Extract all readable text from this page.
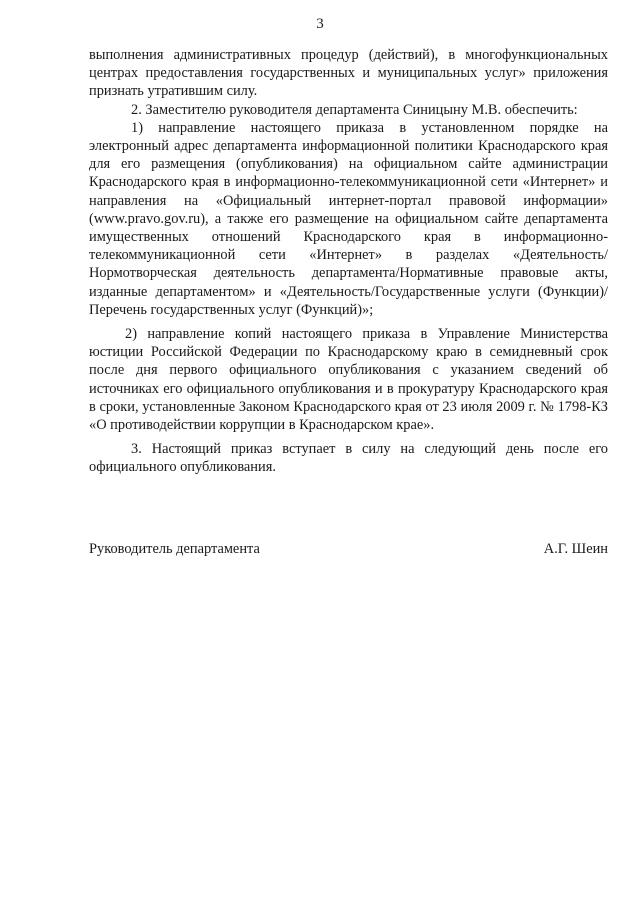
3

выполнения административных процедур (действий), в многофункциональных центрах предоставления государственных и муниципальных услуг» приложения признать утратившим силу.

2. Заместителю руководителя департамента Синицыну М.В. обеспечить:

1) направление настоящего приказа в установленном порядке на электронный адрес департамента информационной политики Краснодарского края для его размещения (опубликования) на официальном сайте администрации Краснодарского края в информационно-телекоммуникационной сети «Интернет» и направления на «Официальный интернет-портал правовой информации» (www.pravo.gov.ru), а также его размещение на официальном сайте департамента имущественных отношений Краснодарского края в информационно-телекоммуникационной сети «Интернет» в разделах «Деятельность/Нормотворческая деятельность департамента/Нормативные правовые акты, изданные департаментом» и «Деятельность/Государственные услуги (Функции)/Перечень государственных услуг (Функций)»;

2) направление копий настоящего приказа в Управление Министерства юстиции Российской Федерации по Краснодарскому краю в семидневный срок после дня первого официального опубликования с указанием сведений об источниках его официального опубликования и в прокуратуру Краснодарского края в сроки, установленные Законом Краснодарского края от 23 июля 2009 г. № 1798-КЗ «О противодействии коррупции в Краснодарском крае».

3. Настоящий приказ вступает в силу на следующий день после его официального опубликования.

Руководитель департамента	А.Г. Шеин
